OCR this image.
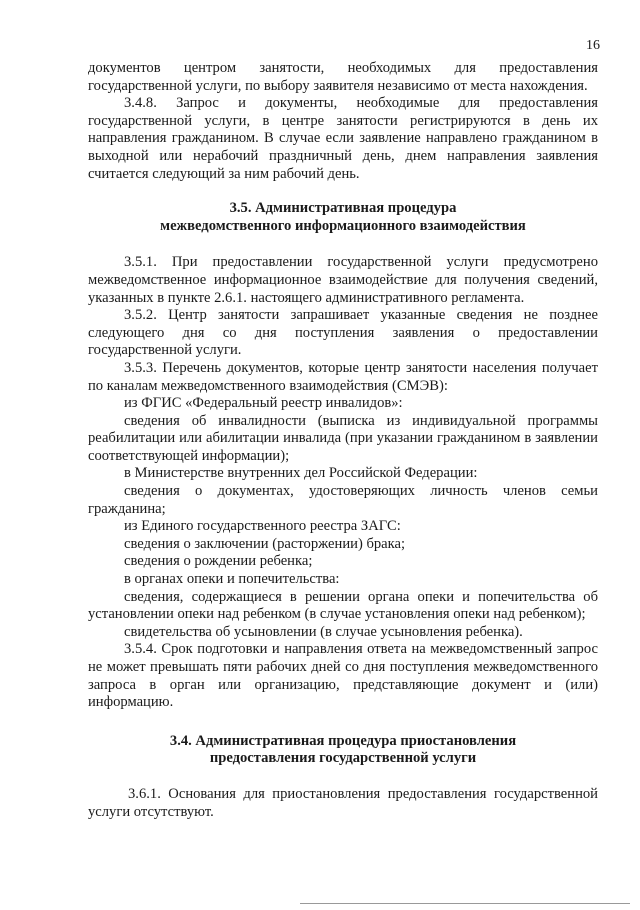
16

документов центром занятости, необходимых для предоставления государственной услуги, по выбору заявителя независимо от места нахождения.

3.4.8. Запрос и документы, необходимые для предоставления государственной услуги, в центре занятости регистрируются в день их направления гражданином. В случае если заявление направлено гражданином в выходной или нерабочий праздничный день, днем направления заявления считается следующий за ним рабочий день.

3.5. Административная процедура
межведомственного информационного взаимодействия

3.5.1. При предоставлении государственной услуги предусмотрено межведомственное информационное взаимодействие для получения сведений, указанных в пункте 2.6.1. настоящего административного регламента.

3.5.2. Центр занятости запрашивает указанные сведения не позднее следующего дня со дня поступления заявления о предоставлении государственной услуги.

3.5.3. Перечень документов, которые центр занятости населения получает по каналам межведомственного взаимодействия (СМЭВ):

из ФГИС «Федеральный реестр инвалидов»:

сведения об инвалидности (выписка из индивидуальной программы реабилитации или абилитации инвалида (при указании гражданином в заявлении соответствующей информации);

в Министерстве внутренних дел Российской Федерации:

сведения о документах, удостоверяющих личность членов семьи гражданина;

из Единого государственного реестра ЗАГС:

сведения о заключении (расторжении) брака;

сведения о рождении ребенка;

в органах опеки и попечительства:

сведения, содержащиеся в решении органа опеки и попечительства об установлении опеки над ребенком (в случае установления опеки над ребенком);

свидетельства об усыновлении (в случае усыновления ребенка).

3.5.4. Срок подготовки и направления ответа на межведомственный запрос не может превышать пяти рабочих дней со дня поступления межведомственного запроса в орган или организацию, представляющие документ и (или) информацию.

3.4. Административная процедура приостановления
предоставления государственной услуги

3.6.1. Основания для приостановления предоставления государственной услуги отсутствуют.
